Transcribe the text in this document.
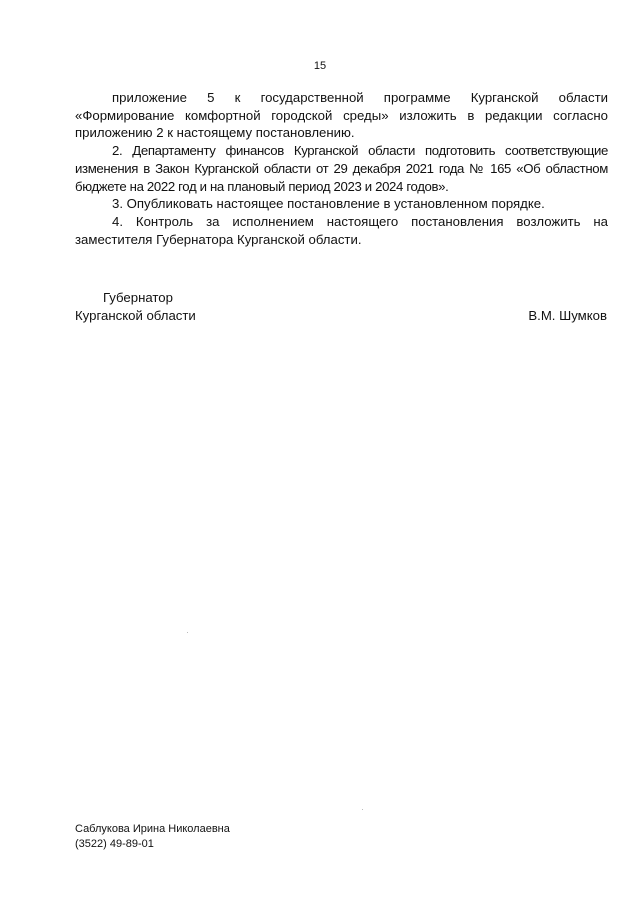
15

приложение 5 к государственной программе Курганской области «Формирование комфортной городской среды» изложить в редакции согласно приложению 2 к настоящему постановлению.

2. Департаменту финансов Курганской области подготовить соответствующие изменения в Закон Курганской области от 29 декабря 2021 года № 165 «Об областном бюджете на 2022 год и на плановый период 2023 и 2024 годов».

3. Опубликовать настоящее постановление в установленном порядке.

4. Контроль за исполнением настоящего постановления возложить на заместителя Губернатора Курганской области.

Губернатор
Курганской области	В.М. Шумков
Саблукова Ирина Николаевна
(3522) 49-89-01
